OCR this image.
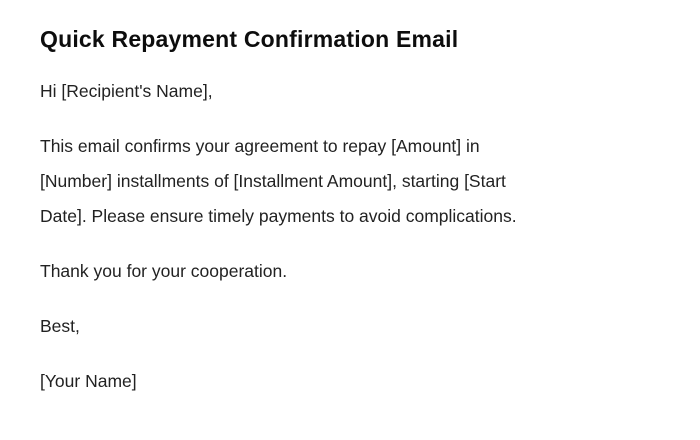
Quick Repayment Confirmation Email

Hi [Recipient's Name],

This email confirms your agreement to repay [Amount] in
[Number] installments of [Installment Amount], starting [Start
Date]. Please ensure timely payments to avoid complications.

Thank you for your cooperation.

Best,

[Your Name]
